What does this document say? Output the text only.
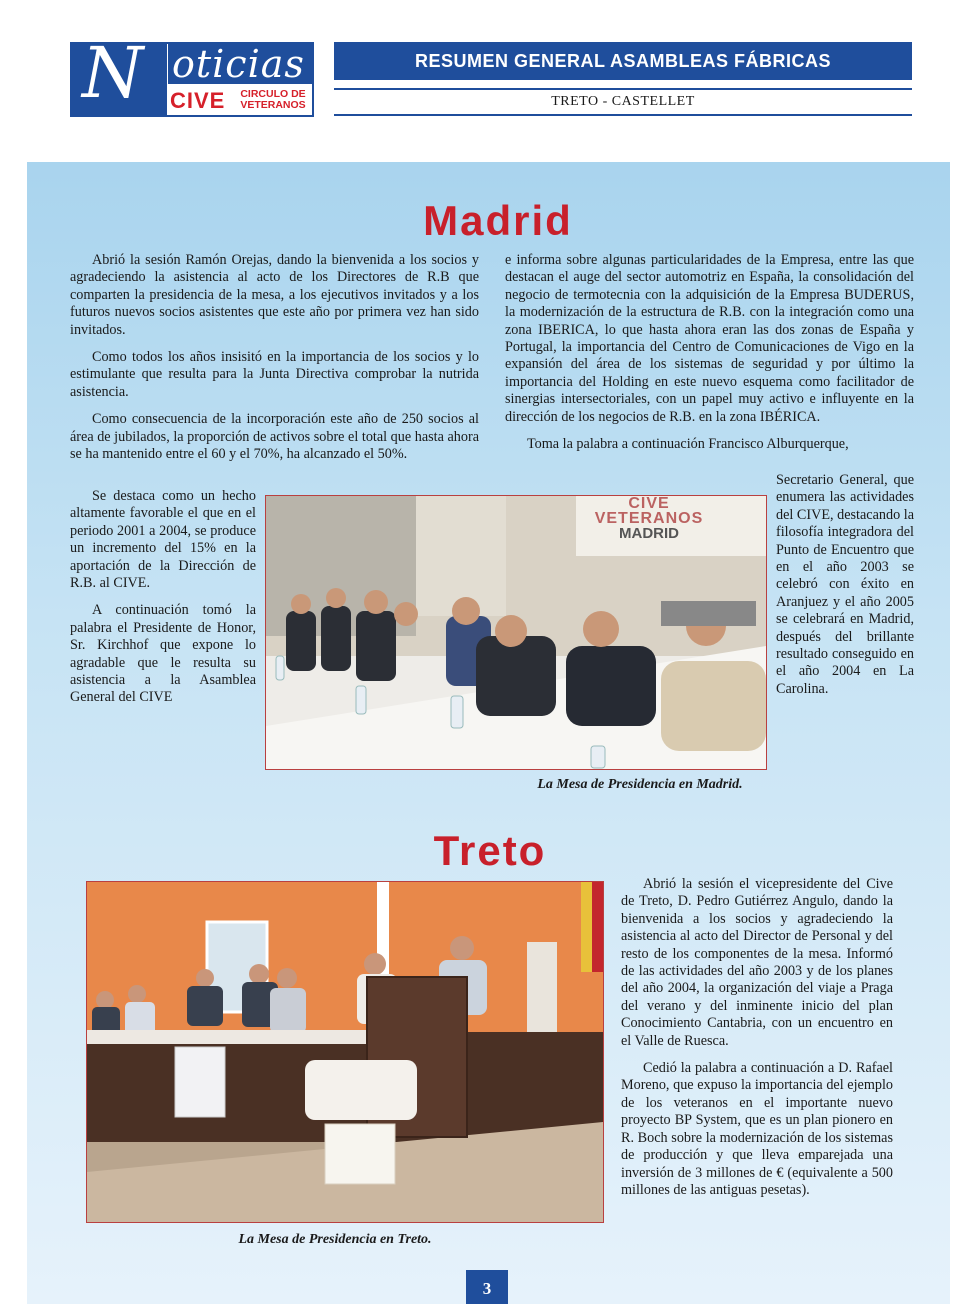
N oticias
CIVE	CIRCULO DE
VETERANOS
RESUMEN GENERAL ASAMBLEAS FÁBRICAS
TRETO - CASTELLET
Madrid

Abrió la sesión Ramón Orejas, dando la bienvenida a los socios y agradeciendo la asistencia al acto de los Directores de R.B que comparten la presidencia de la mesa, a los ejecutivos invitados y a los futuros nuevos socios asistentes que este año por primera vez han sido invitados.

Como todos los años insisitó en la importancia de los socios y lo estimulante que resulta para la Junta Directiva comprobar la nutrida asistencia.

Como consecuencia de la incorporación este año de 250 socios al área de jubilados, la proporción de activos sobre el total que hasta ahora se ha mantenido entre el 60 y el 70%, ha alcanzado el 50%.

Se destaca como un hecho altamente favorable el que en el periodo 2001 a 2004, se produce un incremento del 15% en la aportación de la Dirección de R.B. al CIVE.

A continuación tomó la palabra el Presidente de Honor, Sr. Kirchhof que expone lo agradable que le resulta su asistencia a la Asamblea General del CIVE

e informa sobre algunas particularidades de la Empresa, entre las que destacan el auge del sector automotriz en España, la consolidación del negocio de termotecnia con la adquisición de la Empresa BUDERUS, la modernización de la estructura de R.B. con la integración como una zona IBERICA, lo que hasta ahora eran las dos zonas de España y Portugal, la importancia del Centro de Comunicaciones de Vigo en la expansión del área de los sistemas de seguridad y por último la importancia del Holding en este nuevo esquema como facilitador de sinergias intersectoriales, con un papel muy activo e influyente en la dirección de los negocios de R.B. en la zona IBÉRICA.

Toma la palabra a continuación Francisco Alburquerque,

Secretario General, que enumera las actividades del CIVE, destacando la filosofía integradora del Punto de Encuentro que en el año 2003 se celebró con éxito en Aranjuez y el año 2005 se celebrará en Madrid, después del brillante resultado conseguido en el año 2004 en La Carolina.

CIVE VETERANOS
MADRID
La Mesa de Presidencia en Madrid.
Treto
La Mesa de Presidencia en Treto.

Abrió la sesión el vicepresidente del Cive de Treto, D. Pedro Gutiérrez Angulo, dando la bienvenida a los socios y agradeciendo la asistencia al acto del Director de Personal y del resto de los componentes de la mesa. Informó de las actividades del año 2003 y de los planes del año 2004, la organización del viaje a Praga del verano y del inminente inicio del plan Conocimiento Cantabria, con un encuentro en el Valle de Ruesca.

Cedió la palabra a continuación a D. Rafael Moreno, que expuso la importancia del ejemplo de los veteranos en el importante nuevo proyecto BP System, que es un plan pionero en R. Boch sobre la modernización de los sistemas de producción y que lleva emparejada una inversión de 3 millones de € (equivalente a 500 millones de las antiguas pesetas).

3
